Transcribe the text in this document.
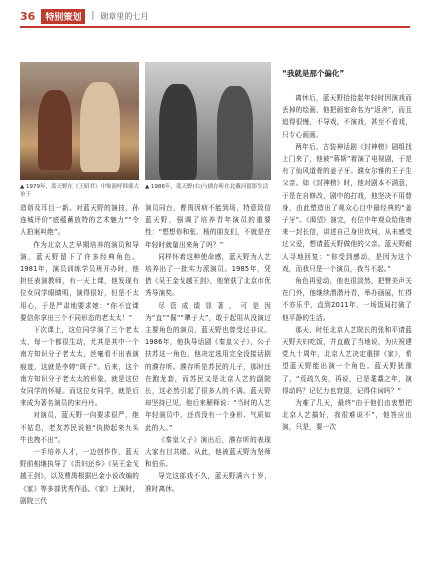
36	特别策划	| 勋章里的七月
▲ 1979年，蓝天野在《王昭君》中饰演呼韩邪大单于
▲ 1986年，蓝天野(右)与儒存昕在北戴河留影生活

造诣及耳目一新。对蓝天野的演技，孙连城评价“底蕴蓄放特的艺术魅力”“令人拍案叫绝”。

作为北京人艺早期培养的演员和导演，蓝天野留下了许多经典角色。1981年，演员训练学员班开办时，他担任表演教师，有一天上课，他发现有位女同学眼睛明，演得很好，但是不太用心，于是严肃地要求她：“你不宜课要信你拿出三个不同形态的老太太！”

下次课上，这位同学演了三个老太太，每一个都很生动，尤其是其中一个南方知识分子老太太，丝毫看不出表演痕迹，这就是李婷“斑子”。后来，这个南方知识分子老太太的形象，就是这位女同学的怀疑。而这位女同学，就是后来成为著名演员的宋丹丹。

对演员，蓝天野一向要求很严，绝不姑息，老友苏民说他“执拗起来九头牛也拽不出”。

一手培养人才，一边创作作，蓝天野前相继执导了《贵妇还乡》《吴王金戈越王剑》，以及曹禺根据巴金小说改编的《家》等多部优秀作品。《家》上演时，剧院三代

演员同台，曹禺因病不能到场，特意致信蓝天野，强调了培养青年演员的重要性：“想想你和张、杨的朋友们，不就是在年轻时就量出来角了吗？”

同样怀着这种使命感，蓝天野为人艺培养出了一批实力派演员。1985年，凭借《吴王金戈越王剑》，他荣获了北京市优秀导演奖。

尽管成绩显著，可是因为“直”“倔”“犟子大”，敢于起用从没演过主要角色的演员，蓝天野也曾受过非议。1986年，他执导话剧《秦皇父子》，公子扶苏这一角色，他决定选用完全没接话剧的濮存昕。濮存昕是苏民的儿子，那时还在跑龙套，而苏民又是北京人艺的副院长，这必然引起了很多人的不满。蓝天野却坚持已见，他后来解释说：“当时的人艺年轻演员中，还真没有一个身形、气质如此的人。”

《秦皇父子》演出后，濮存昕的表现大家有目共睹。从此，他被蓝天野为坚师和伯乐。

导完这部戏不久，蓝天野满六十岁，准时离休。

“我就是那个偏化”

离休后，蓝天野拾拾起年轻时因演戏而丢掉的绘画，他把画室命名为“返舍”，而且追得很慢，不导戏，不演戏，甚至不看戏，只专心画画。

两年后，古装神话剧《封神榜》剧组找上门来了，他被“蒋斯”着演了电视剧，于是有了仙风道骨的姜子牙。濮女尔雅的王子生父亲。如《封神榜》时，他对剧本不满意，于是在自修改，剧中的打戏，他坚决不用替身，由此塑造出了观众心目中最经典的“姜子牙”。《渴望》演完，有位中年观众给他寄来一封长信，讲述自己身世坎坷，从未感受过父爱，想请蓝天野做他的父亲。蓝天野耐人寻地回复：“你受到感动，是因为这个戏，而我只是一个演员，我当不起。”

角色再爱动，他也很淡然，把赞美声关在门外，他继续潜潜丹青，举办画展，忙得不亦乐乎，直到2011年，一场饭局打破了他平静的生活。

那天，时任北京人艺院长的张和平请蓝天野夫妇吃饭，并直截了当地说，为庆祝建党九十周年，北京人艺决定重排《家》，希望蓝天野能出演一个角色。蓝天野犹豫了，“荒疏久矣，再说，已是耄耋之年，演得动吗？记忆力也衰退，记得住词吗？”

为难了几天，最终“由于他们由衷想把北京人艺搞好，我很难说不”，他答应出演，只是，要一次
